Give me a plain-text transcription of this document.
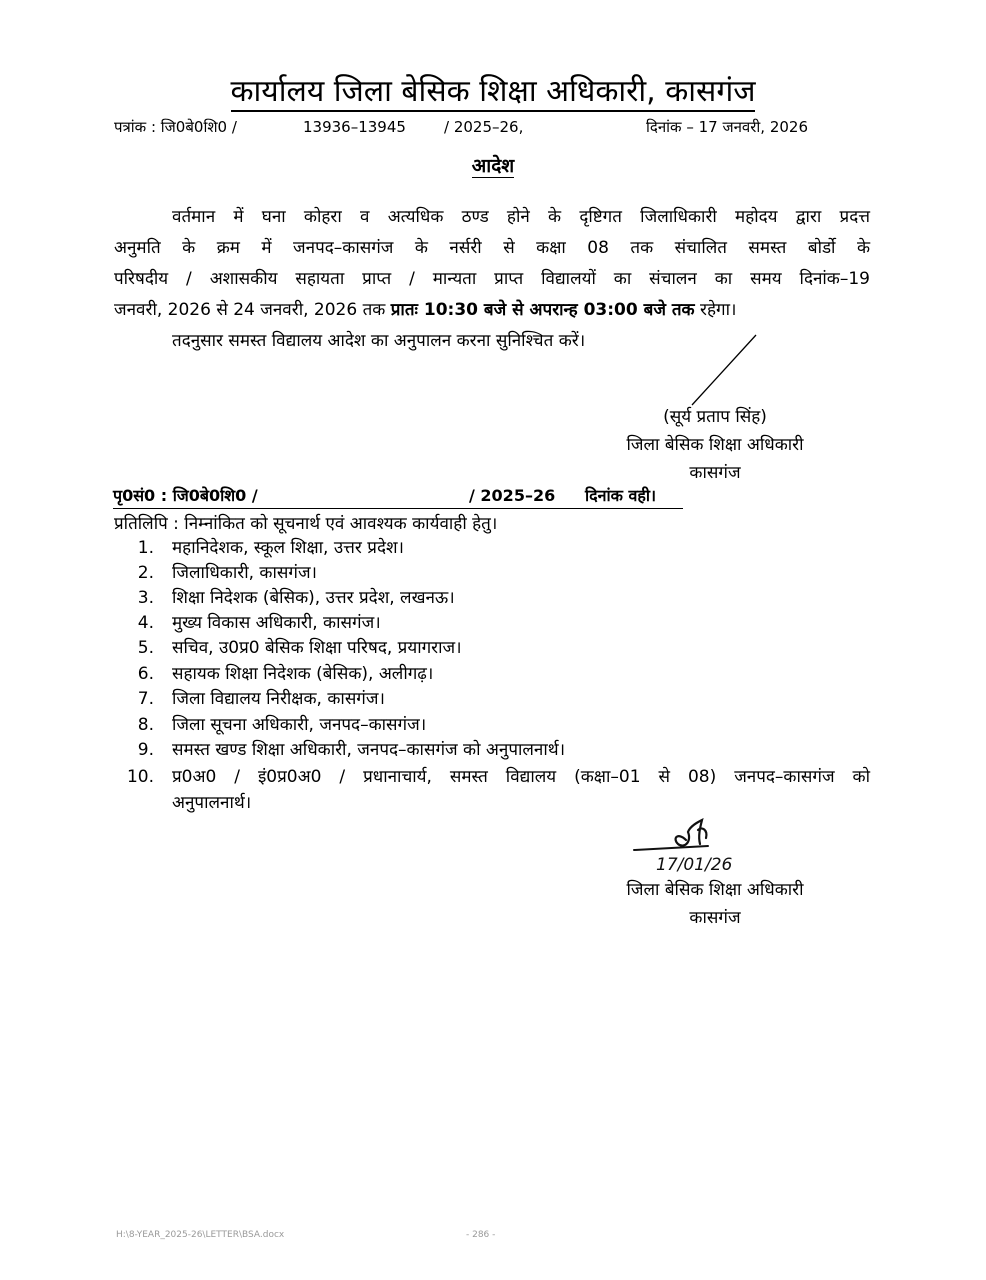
कार्यालय जिला बेसिक शिक्षा अधिकारी, कासगंज
पत्रांक : जि0बे0शि0 /	13936–13945	/ 2025–26,	दिनांक – 17 जनवरी, 2026
आदेश
वर्तमान में घना कोहरा व अत्यधिक ठण्ड होने के दृष्टिगत जिलाधिकारी महोदय द्वारा प्रदत्त
अनुमति के क्रम में जनपद–कासगंज के नर्सरी से कक्षा 08 तक संचालित समस्त बोर्डो के
परिषदीय / अशासकीय सहायता प्राप्त / मान्यता प्राप्त विद्यालयों का संचालन का समय दिनांक–19
जनवरी, 2026 से 24 जनवरी, 2026 तक प्रातः 10:30 बजे से अपरान्ह 03:00 बजे तक रहेगा।
तदनुसार समस्त विद्यालय आदेश का अनुपालन करना सुनिश्चित करें।
(सूर्य प्रताप सिंह)
जिला बेसिक शिक्षा अधिकारी
कासगंज
पृ0सं0 : जि0बे0शि0 /	/ 2025–26 दिनांक वही।
प्रतिलिपि : निम्नांकित को सूचनार्थ एवं आवश्यक कार्यवाही हेतु।
1. महानिदेशक, स्कूल शिक्षा, उत्तर प्रदेश।
2. जिलाधिकारी, कासगंज।
3. शिक्षा निदेशक (बेसिक), उत्तर प्रदेश, लखनऊ।
4. मुख्य विकास अधिकारी, कासगंज।
5. सचिव, उ0प्र0 बेसिक शिक्षा परिषद, प्रयागराज।
6. सहायक शिक्षा निदेशक (बेसिक), अलीगढ़।
7. जिला विद्यालय निरीक्षक, कासगंज।
8. जिला सूचना अधिकारी, जनपद–कासगंज।
9. समस्त खण्ड शिक्षा अधिकारी, जनपद–कासगंज को अनुपालनार्थ।
10. प्र0अ0 / इं0प्र0अ0 / प्रधानाचार्य, समस्त विद्यालय (कक्षा–01 से 08) जनपद–कासगंज को
अनुपालनार्थ।
17/01/26
जिला बेसिक शिक्षा अधिकारी
कासगंज
H:\8-YEAR_2025-26\LETTER\BSA.docx	- 286 -
